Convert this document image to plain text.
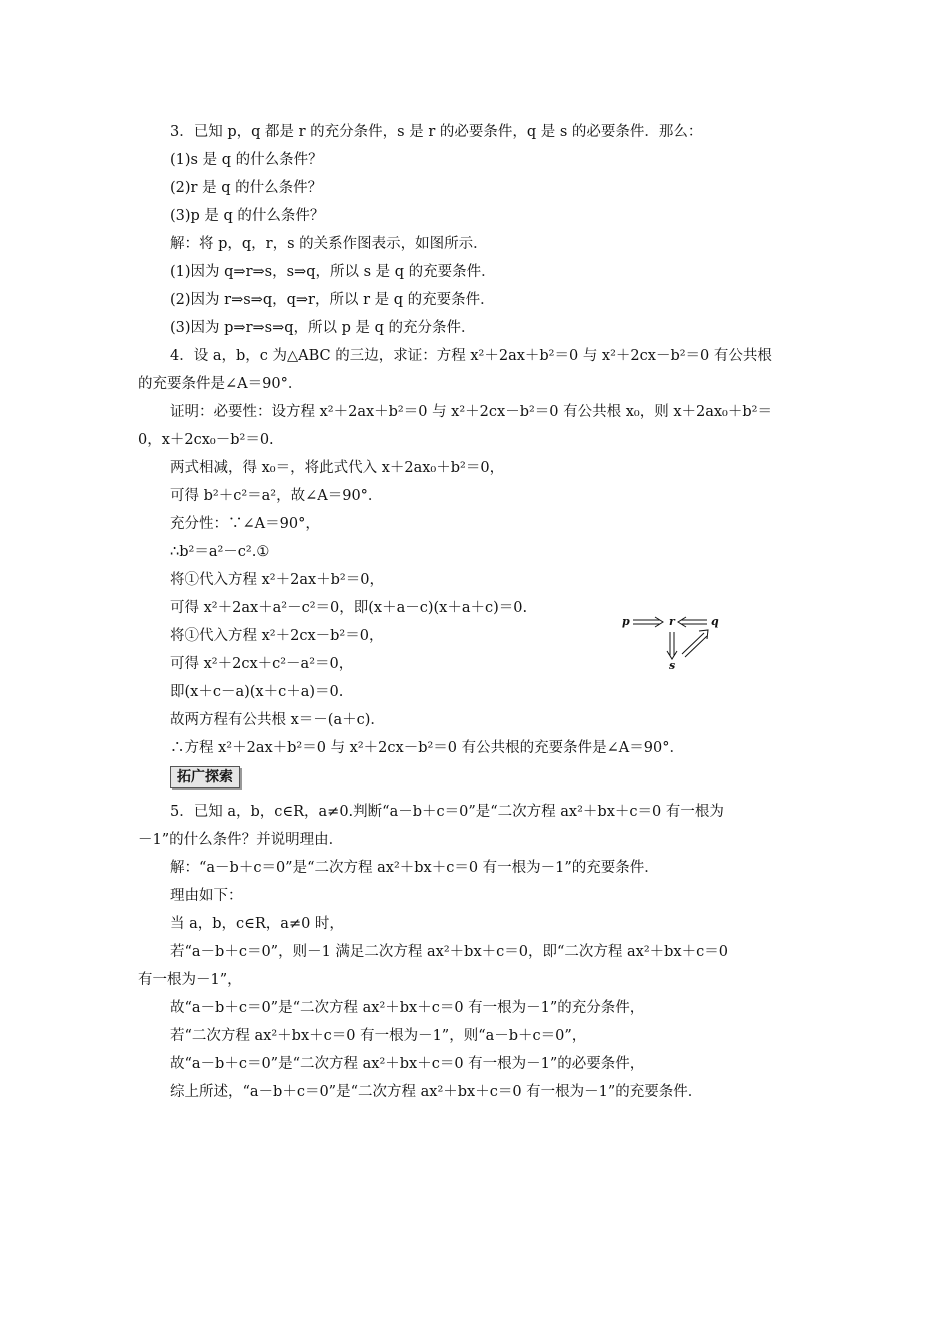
3．已知 p，q 都是 r 的充分条件，s 是 r 的必要条件，q 是 s 的必要条件．那么：
(1)s 是 q 的什么条件？
(2)r 是 q 的什么条件？
(3)p 是 q 的什么条件？
解：将 p，q，r，s 的关系作图表示，如图所示．
(1)因为 q⇒r⇒s，s⇒q，所以 s 是 q 的充要条件．
(2)因为 r⇒s⇒q，q⇒r，所以 r 是 q 的充要条件．
(3)因为 p⇒r⇒s⇒q，所以 p 是 q 的充分条件．
4．设 a，b，c 为△ABC 的三边，求证：方程 x²＋2ax＋b²＝0 与 x²＋2cx－b²＝0 有公共根
的充要条件是∠A＝90°．
证明：必要性：设方程 x²＋2ax＋b²＝0 与 x²＋2cx－b²＝0 有公共根 x₀，则 x＋2ax₀＋b²＝
0，x＋2cx₀－b²＝0.
两式相减，得 x₀＝，将此式代入 x＋2ax₀＋b²＝0，
可得 b²＋c²＝a²，故∠A＝90°．
充分性：∵∠A＝90°，
∴b²＝a²－c².①
将①代入方程 x²＋2ax＋b²＝0，
可得 x²＋2ax＋a²－c²＝0，即(x＋a－c)(x＋a＋c)＝0.
将①代入方程 x²＋2cx－b²＝0，
可得 x²＋2cx＋c²－a²＝0，
即(x＋c－a)(x＋c＋a)＝0.
故两方程有公共根 x＝－(a＋c)．
∴方程 x²＋2ax＋b²＝0 与 x²＋2cx－b²＝0 有公共根的充要条件是∠A＝90°．
拓广探索
5．已知 a，b，c∈R，a≠0.判断“a－b＋c＝0”是“二次方程 ax²＋bx＋c＝0 有一根为
－1”的什么条件？并说明理由．
解：“a－b＋c＝0”是“二次方程 ax²＋bx＋c＝0 有一根为－1”的充要条件．
理由如下：
当 a，b，c∈R，a≠0 时，
若“a－b＋c＝0”，则－1 满足二次方程 ax²＋bx＋c＝0，即“二次方程 ax²＋bx＋c＝0
有一根为－1”，
故“a－b＋c＝0”是“二次方程 ax²＋bx＋c＝0 有一根为－1”的充分条件，
若“二次方程 ax²＋bx＋c＝0 有一根为－1”，则“a－b＋c＝0”，
故“a－b＋c＝0”是“二次方程 ax²＋bx＋c＝0 有一根为－1”的必要条件，
综上所述，“a－b＋c＝0”是“二次方程 ax²＋bx＋c＝0 有一根为－1”的充要条件．
p	r	q
s
